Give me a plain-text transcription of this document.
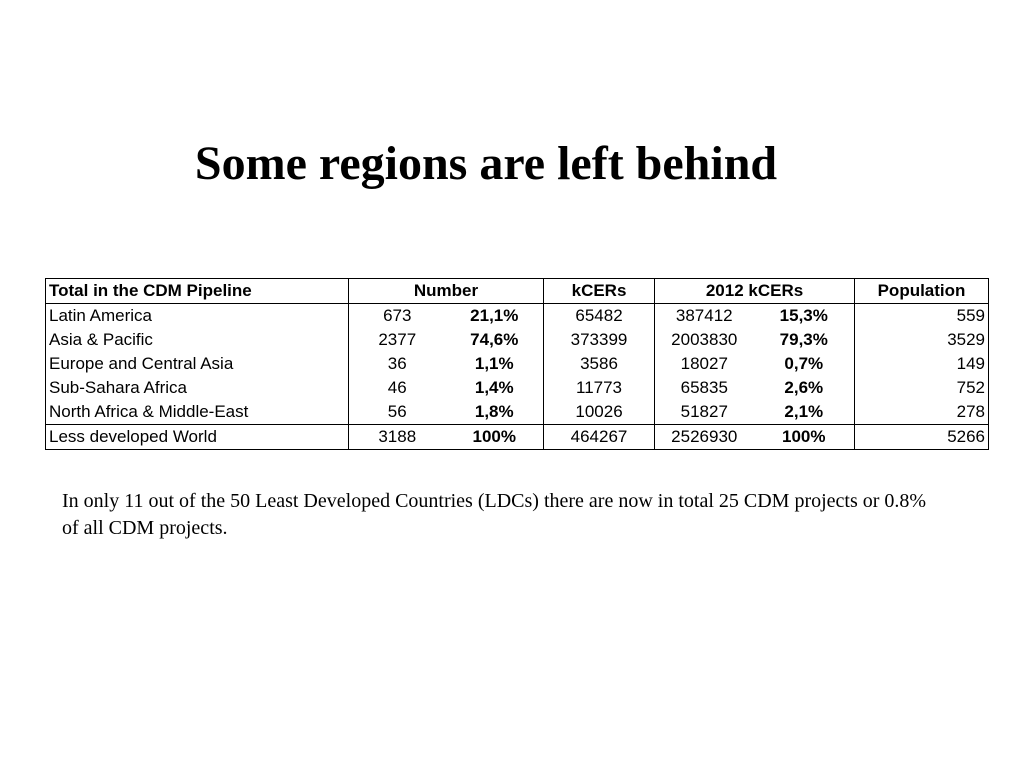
Some regions are left behind
Total in the CDM Pipeline	Number		kCERs	2012 kCERs		Population
Latin America	673	21,1%	65482	387412	15,3%	559
Asia & Pacific	2377	74,6%	373399	2003830	79,3%	3529
Europe and Central Asia	36	1,1%	3586	18027	0,7%	149
Sub-Sahara Africa	46	1,4%	11773	65835	2,6%	752
North Africa & Middle-East	56	1,8%	10026	51827	2,1%	278
Less developed World	3188	100%	464267	2526930	100%	5266
In only 11 out of the 50 Least Developed Countries (LDCs) there are now in total 25 CDM projects or 0.8% of all CDM projects.
